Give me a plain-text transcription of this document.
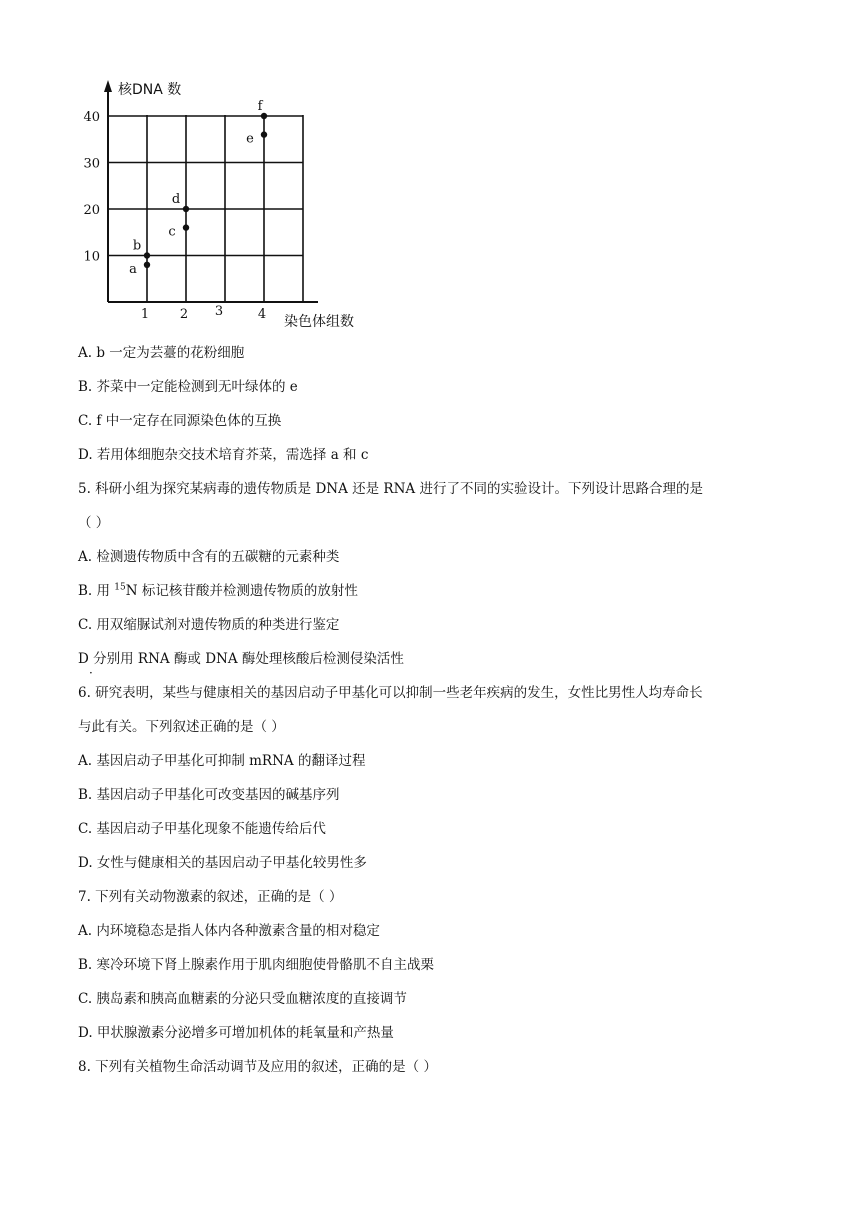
核DNA 数
染色体组数
1 2 3	4
10
20
30
40
a
b
c
d
e
f
A. b 一定为芸薹的花粉细胞
B. 芥菜中一定能检测到无叶绿体的 e
C. f 中一定存在同源染色体的互换
D. 若用体细胞杂交技术培育芥菜，需选择 a 和 c
5. 科研小组为探究某病毒的遗传物质是 DNA 还是 RNA 进行了不同的实验设计。下列设计思路合理的是
（ ）
A. 检测遗传物质中含有的五碳糖的元素种类
B. 用 $^{15}$N 标记核苷酸并检测遗传物质的放射性
C. 用双缩脲试剂对遗传物质的种类进行鉴定
D 分别用 RNA 酶或 DNA 酶处理核酸后检测侵染活性
6. 研究表明，某些与健康相关的基因启动子甲基化可以抑制一些老年疾病的发生，女性比男性人均寿命长
与此有关。下列叙述正确的是（ ）
A. 基因启动子甲基化可抑制 mRNA 的翻译过程
B. 基因启动子甲基化可改变基因的碱基序列
C. 基因启动子甲基化现象不能遗传给后代
D. 女性与健康相关的基因启动子甲基化较男性多
7. 下列有关动物激素的叙述，正确的是（ ）
A. 内环境稳态是指人体内各种激素含量的相对稳定
B. 寒冷环境下肾上腺素作用于肌肉细胞使骨骼肌不自主战栗
C. 胰岛素和胰高血糖素的分泌只受血糖浓度的直接调节
D. 甲状腺激素分泌增多可增加机体的耗氧量和产热量
8. 下列有关植物生命活动调节及应用的叙述，正确的是（ ）
·
